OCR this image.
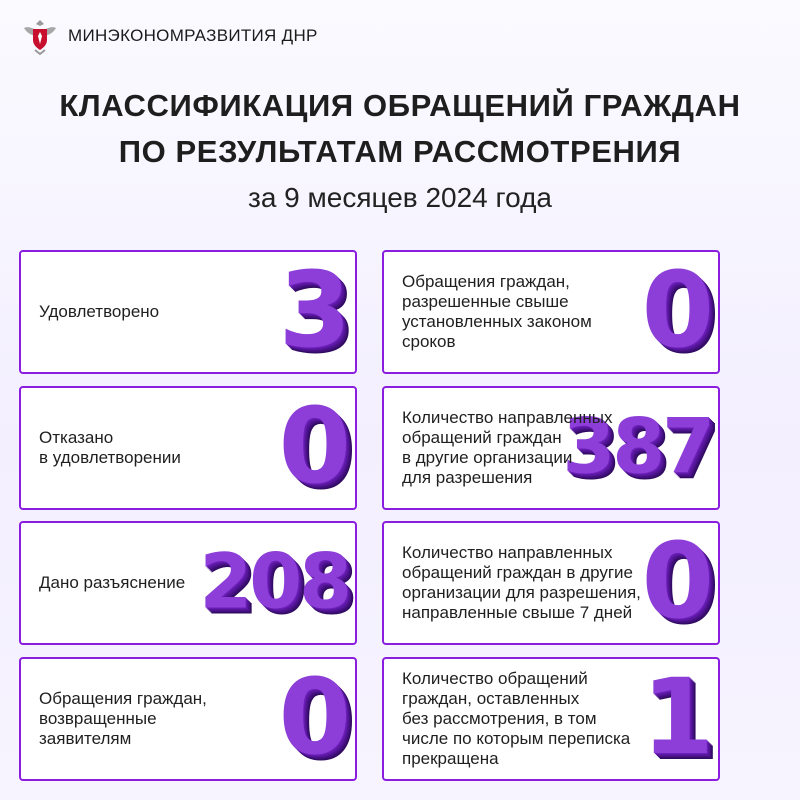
МИНЭКОНОМРАЗВИТИЯ ДНР
КЛАССИФИКАЦИЯ ОБРАЩЕНИЙ ГРАЖДАН
ПО РЕЗУЛЬТАТАМ РАССМОТРЕНИЯ
за 9 месяцев 2024 года
Удовлетворено 3	Обращения граждан,
разрешенные свыше
установленных законом
сроков	0
Отказано
в удовлетворении 0	Количество направленных
обращений граждан
в другие организации
для разрешения 387
Дано разъяснение 208	Количество направленных
обращений граждан в другие
организации для разрешения,
направленные свыше 7 дней 0
Обращения граждан,
возвращенные
заявителям	0	Количество обращений
граждан, оставленных
без рассмотрения, в том
числе по которым переписка
прекращена	1
